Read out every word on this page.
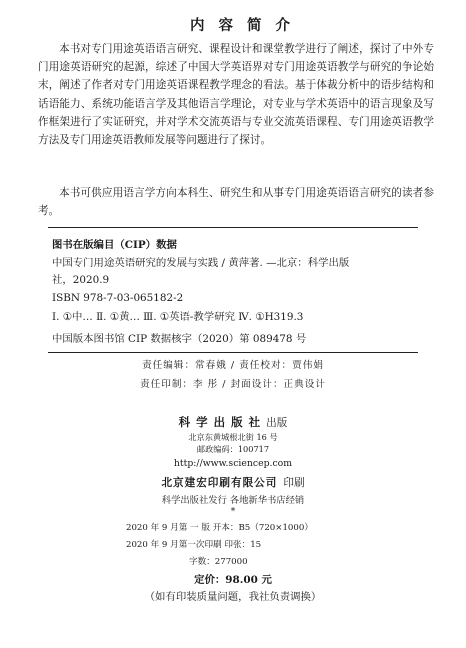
内容简介
本书对专门用途英语语言研究、课程设计和课堂教学进行了阐述，探讨了中外专门用途英语研究的起源，综述了中国大学英语界对专门用途英语教学与研究的争论始末，阐述了作者对专门用途英语课程教学理念的看法。基于体裁分析中的语步结构和话语能力、系统功能语言学及其他语言学理论，对专业与学术英语中的语言现象及写作框架进行了实证研究，并对学术交流英语与专业交流英语课程、专门用途英语教学方法及专门用途英语教师发展等问题进行了探讨。
本书可供应用语言学方向本科生、研究生和从事专门用途英语语言研究的读者参考。
图书在版编目（CIP）数据
中国专门用途英语研究的发展与实践 / 黄萍著. —北京：科学出版
社，2020.9
ISBN 978-7-03-065182-2
Ⅰ. ①中… Ⅱ. ①黄… Ⅲ. ①英语-教学研究 Ⅳ. ①H319.3
中国版本图书馆 CIP 数据核字（2020）第 089478 号
责任编辑：常春娥 / 责任校对：贾伟娟
责任印制：李 彤 / 封面设计：正典设计
科学出版社出版
北京东黄城根北街 16 号
邮政编码：100717
http://www.sciencep.com
北京建宏印刷有限公司 印刷
科学出版社发行 各地新华书店经销
*
2020 年 9 月第 一 版 开本：B5（720×1000）
2020 年 9 月第一次印刷 印张：15
字数：277000
定价：98.00 元
（如有印装质量问题，我社负责调换）
